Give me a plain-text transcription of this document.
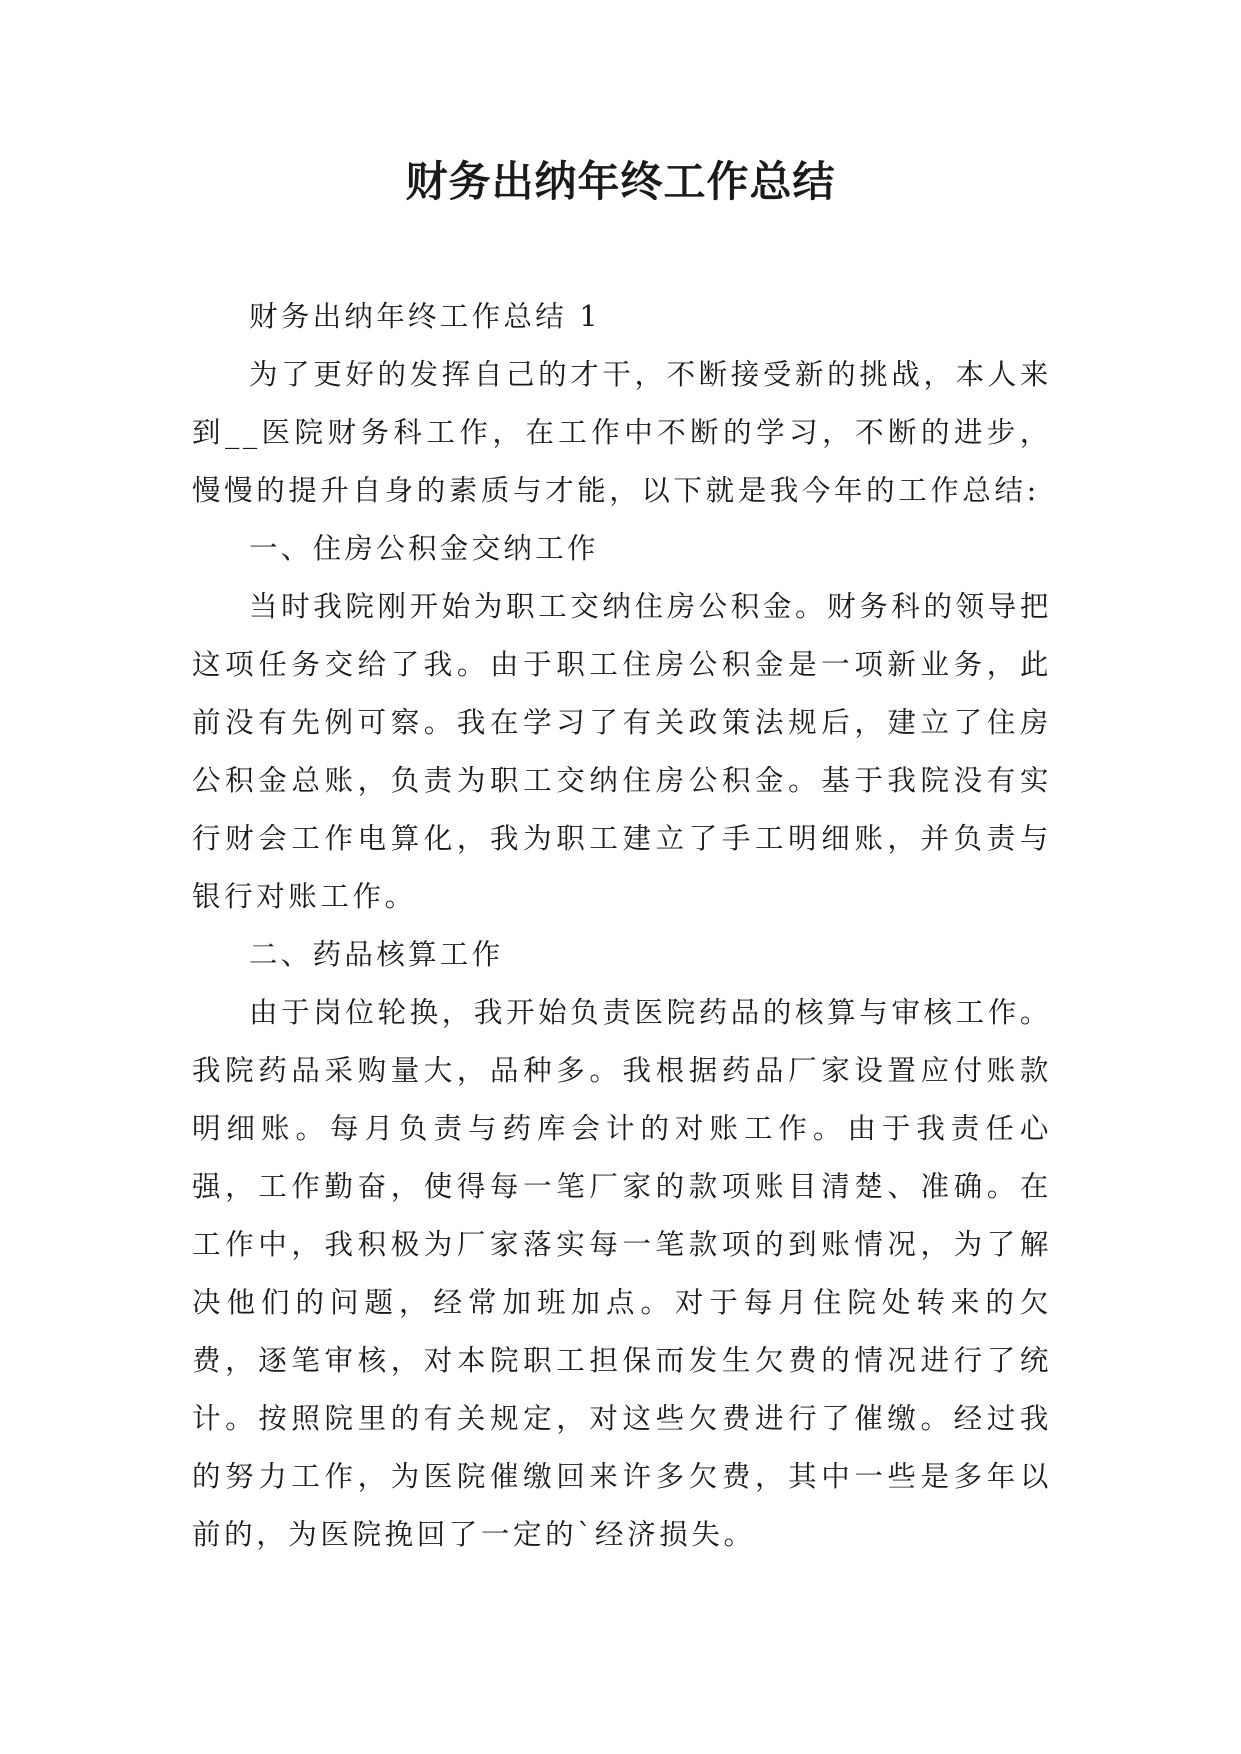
财务出纳年终工作总结

财务出纳年终工作总结 1

为了更好的发挥自己的才干，不断接受新的挑战，本人来到__医院财务科工作，在工作中不断的学习，不断的进步，慢慢的提升自身的素质与才能，以下就是我今年的工作总结:

一、住房公积金交纳工作

当时我院刚开始为职工交纳住房公积金。财务科的领导把这项任务交给了我。由于职工住房公积金是一项新业务，此前没有先例可察。我在学习了有关政策法规后，建立了住房公积金总账，负责为职工交纳住房公积金。基于我院没有实行财会工作电算化，我为职工建立了手工明细账，并负责与银行对账工作。

二、药品核算工作

由于岗位轮换，我开始负责医院药品的核算与审核工作。我院药品采购量大，品种多。我根据药品厂家设置应付账款明细账。每月负责与药库会计的对账工作。由于我责任心强，工作勤奋，使得每一笔厂家的款项账目清楚、准确。在工作中，我积极为厂家落实每一笔款项的到账情况，为了解决他们的问题，经常加班加点。对于每月住院处转来的欠费，逐笔审核，对本院职工担保而发生欠费的情况进行了统计。按照院里的有关规定，对这些欠费进行了催缴。经过我的努力工作，为医院催缴回来许多欠费，其中一些是多年以前的，为医院挽回了一定的`经济损失。
